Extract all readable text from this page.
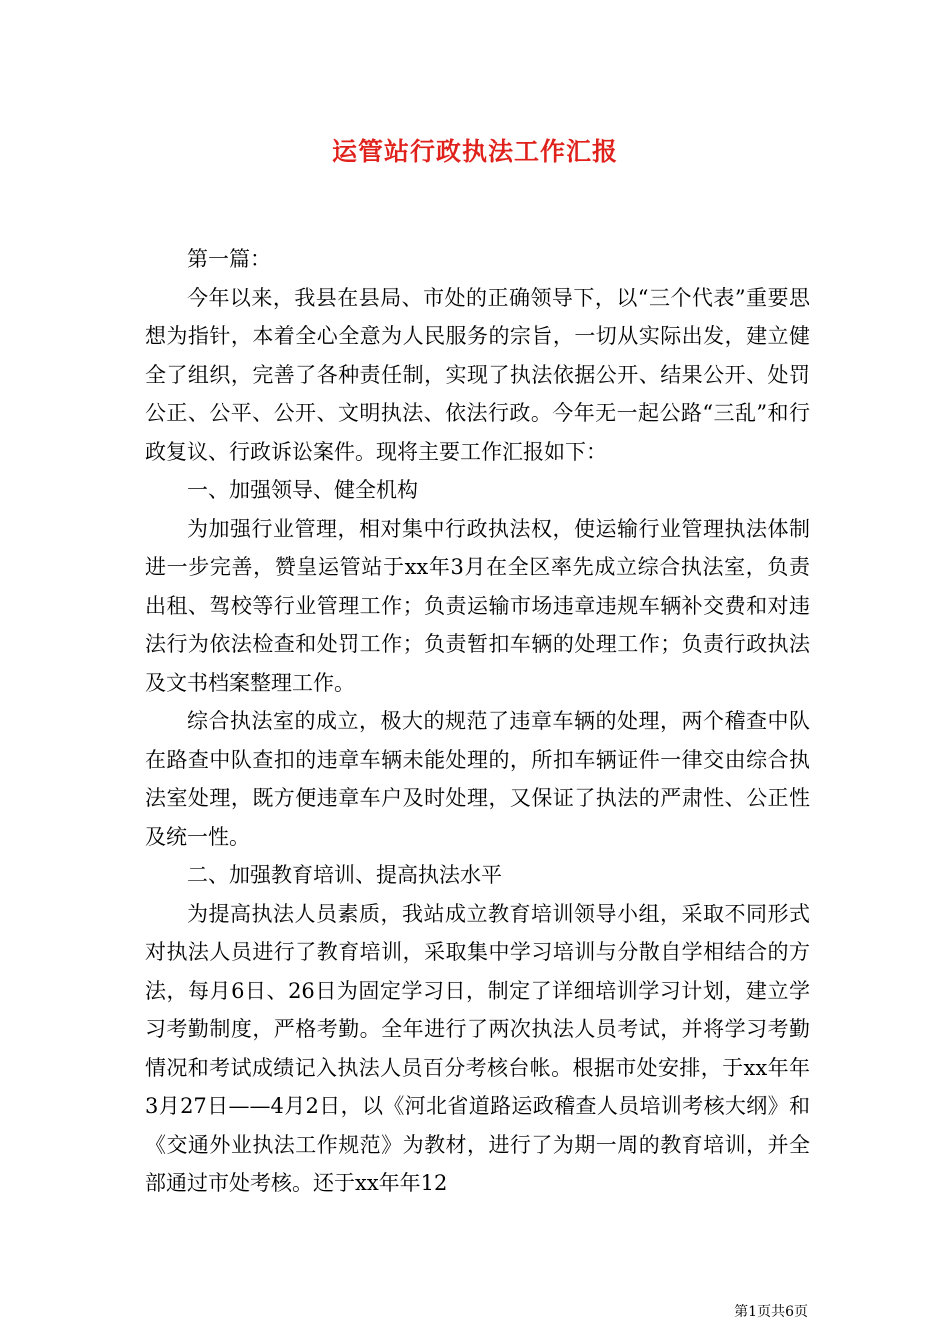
运管站行政执法工作汇报

第一篇：

今年以来，我县在县局、市处的正确领导下，以“三个代表”重要思想为指针，本着全心全意为人民服务的宗旨，一切从实际出发，建立健全了组织，完善了各种责任制，实现了执法依据公开、结果公开、处罚公正、公平、公开、文明执法、依法行政。今年无一起公路“三乱”和行政复议、行政诉讼案件。现将主要工作汇报如下：

一、加强领导、健全机构

为加强行业管理，相对集中行政执法权，使运输行业管理执法体制进一步完善，赞皇运管站于xx年3月在全区率先成立综合执法室，负责出租、驾校等行业管理工作；负责运输市场违章违规车辆补交费和对违法行为依法检查和处罚工作；负责暂扣车辆的处理工作；负责行政执法及文书档案整理工作。

综合执法室的成立，极大的规范了违章车辆的处理，两个稽查中队在路查中队查扣的违章车辆未能处理的，所扣车辆证件一律交由综合执法室处理，既方便违章车户及时处理，又保证了执法的严肃性、公正性及统一性。

二、加强教育培训、提高执法水平

为提高执法人员素质，我站成立教育培训领导小组，采取不同形式对执法人员进行了教育培训，采取集中学习培训与分散自学相结合的方法，每月6日、26日为固定学习日，制定了详细培训学习计划，建立学习考勤制度，严格考勤。全年进行了两次执法人员考试，并将学习考勤情况和考试成绩记入执法人员百分考核台帐。根据市处安排，于xx年年3月27日——4月2日，以《河北省道路运政稽查人员培训考核大纲》和《交通外业执法工作规范》为教材，进行了为期一周的教育培训，并全部通过市处考核。还于xx年年12

第1页共6页
